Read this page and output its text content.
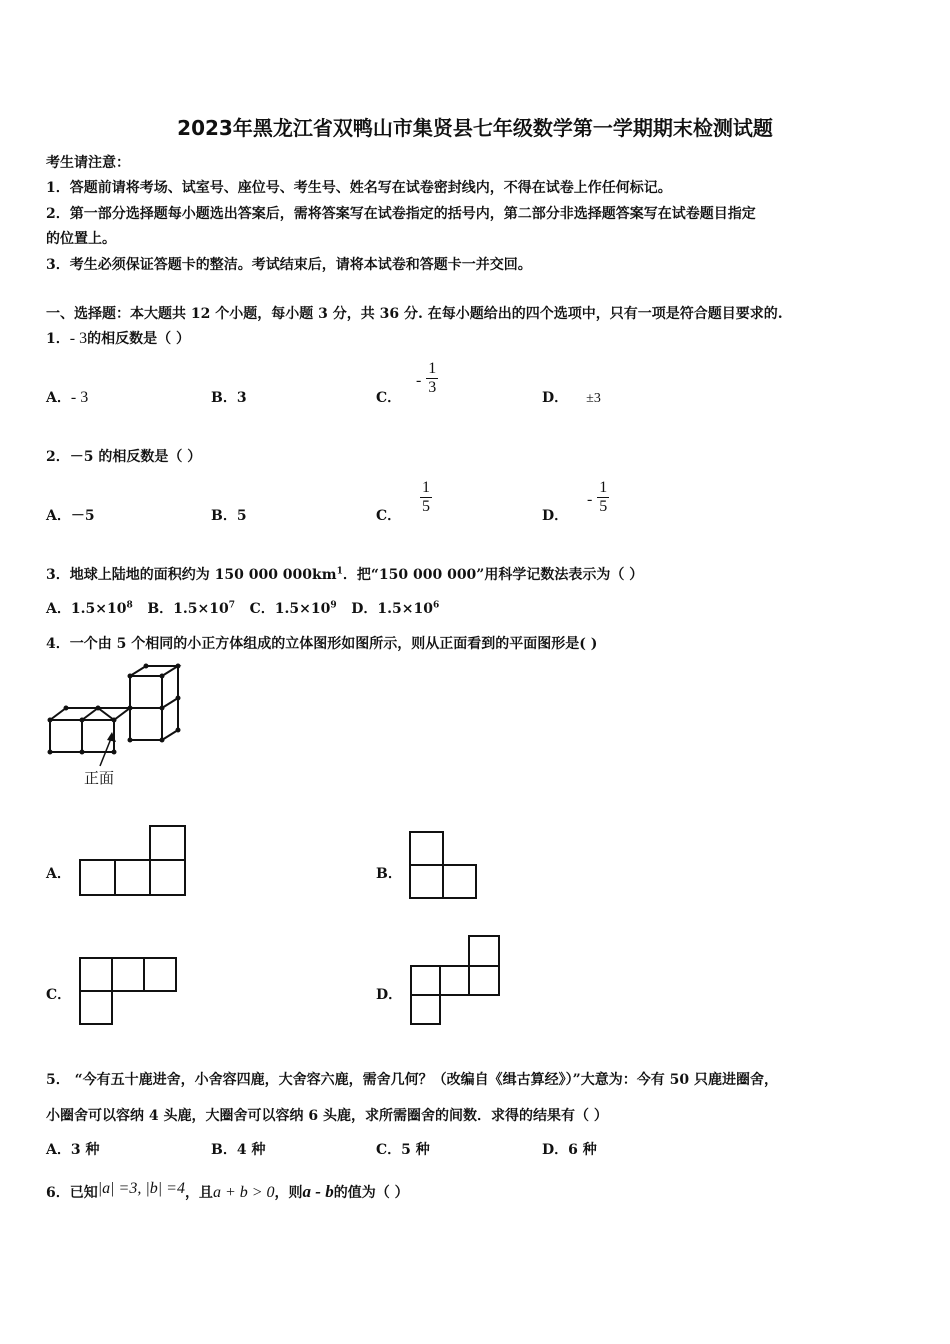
2023年黑龙江省双鸭山市集贤县七年级数学第一学期期末检测试题
考生请注意：
1．答题前请将考场、试室号、座位号、考生号、姓名写在试卷密封线内，不得在试卷上作任何标记。
2．第一部分选择题每小题选出答案后，需将答案写在试卷指定的括号内，第二部分非选择题答案写在试卷题目指定
的位置上。
3．考生必须保证答题卡的整洁。考试结束后，请将本试卷和答题卡一并交回。
一、选择题：本大题共 12 个小题，每小题 3 分，共 36 分. 在每小题给出的四个选项中，只有一项是符合题目要求的.
1．- 3的相反数是（ ）
A．- 3	B．3	C． - $\frac{1}{3}$
D． ±3
2．－5 的相反数是（ ）
A．－5	B．5	C． $\frac{1}{5}$	D． - $\frac{1}{5}$
3．地球上陆地的面积约为 150 000 $000km^1$．把“150 000 000”用科学记数法表示为（ ）
A．$1.5\times 10^8$ B．$1.5\times 10^7$ C．$1.5\times 10^9$ D．$1.5\times 10^6$
4．一个由 5 个相同的小正方体组成的立体图形如图所示，则从正面看到的平面图形是( )
正面
A．	B．
C．	D．
5． “今有五十鹿进舍，小舍容四鹿，大舍容六鹿，需舍几何？（改编自《缉古算经》）”大意为：今有 50 只鹿进圈舍，
小圈舍可以容纳 4 头鹿，大圈舍可以容纳 6 头鹿，求所需圈舍的间数．求得的结果有（ ）
A．3 种	B．4 种	C．5 种	D．6 种
6．已知|a| =3, |b| =4，且a + b > 0，则a - b的值为（ ）
